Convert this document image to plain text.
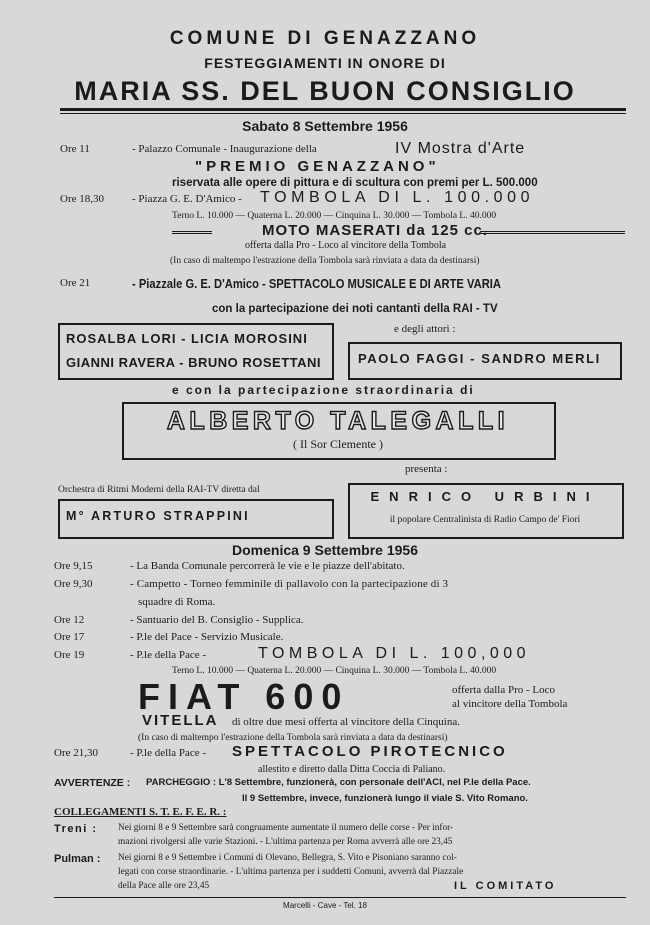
COMUNE DI GENAZZANO
FESTEGGIAMENTI IN ONORE DI
MARIA SS. DEL BUON CONSIGLIO
Sabato 8 Settembre 1956
Ore 11	- Palazzo Comunale - Inaugurazione della	IV Mostra d'Arte
"PREMIO GENAZZANO"
riservata alle opere di pittura e di scultura con premi per L. 500.000
Ore 18,30	- Piazza G. E. D'Amico - TOMBOLA DI L. 100.000
Terno L. 10.000 — Quaterna L. 20.000 — Cinquina L. 30.000 — Tombola L. 40.000
MOTO MASERATI da 125 cc.
offerta dalla Pro - Loco al vincitore della Tombola
(In caso di maltempo l'estrazione della Tombola sarà rinviata a data da destinarsi)
Ore 21	- Piazzale G. E. D'Amico - SPETTACOLO MUSICALE E DI ARTE VARIA
con la partecipazione dei noti cantanti della RAI - TV
ROSALBA LORI - LICIA MOROSINI
GIANNI RAVERA - BRUNO ROSETTANI
e degli attori :
PAOLO FAGGI - SANDRO MERLI
e con la partecipazione straordinaria di
ALBERTO TALEGALLI
( Il Sor Clemente )
presenta :
Orchestra di Ritmi Moderni della RAI-TV diretta dal
M° ARTURO STRAPPINI
ENRICO URBINI
il popolare Centralinista di Radio Campo de' Fiori
Domenica 9 Settembre 1956
Ore 9,15	- La Banda Comunale percorrerà le vie e le piazze dell'abitato.
Ore 9,30	- Campetto - Torneo femminile di pallavolo con la partecipazione di 3
squadre di Roma.
Ore 12	- Santuario del B. Consiglio - Supplica.
Ore 17	- P.le del Pace - Servizio Musicale.
Ore 19	- P.le della Pace -	TOMBOLA DI L. 100,000
Terno L. 10.000 — Quaterna L. 20.000 — Cinquina L. 30.000 — Tombola L. 40.000
FIAT 600	offerta dalla Pro - Loco
al vincitore della Tombola
VITELLA di oltre due mesi offerta al vincitore della Cinquina.
(In caso di maltempo l'estrazione della Tombola sarà rinviata a data da destinarsi)
Ore 21,30	- P.le della Pace - SPETTACOLO PIROTECNICO
allestito e diretto dalla Ditta Coccia di Paliano.
AVVERTENZE : PARCHEGGIO : L'8 Settembre, funzionerà, con personale dell'ACI, nel P.le della Pace.
Il 9 Settembre, invece, funzionerà lungo il viale S. Vito Romano.
COLLEGAMENTI S. T. E. F. E. R. :
Treni : Nei giorni 8 e 9 Settembre sarà congruamente aumentate il numero delle corse - Per infor-
mazioni rivolgersi alle varie Stazioni. - L'ultima partenza per Roma avverrà alle ore 23,45
Pulman : Nei giorni 8 e 9 Settembre i Comuni di Olevano, Bellegra, S. Vito e Pisoniano saranno col-
legati con corse straordinarie. - L'ultima partenza per i suddetti Comuni, avverrà dal Piazzale
della Pace alle ore 23,45	IL COMITATO
Marcelli - Cave - Tel. 18
